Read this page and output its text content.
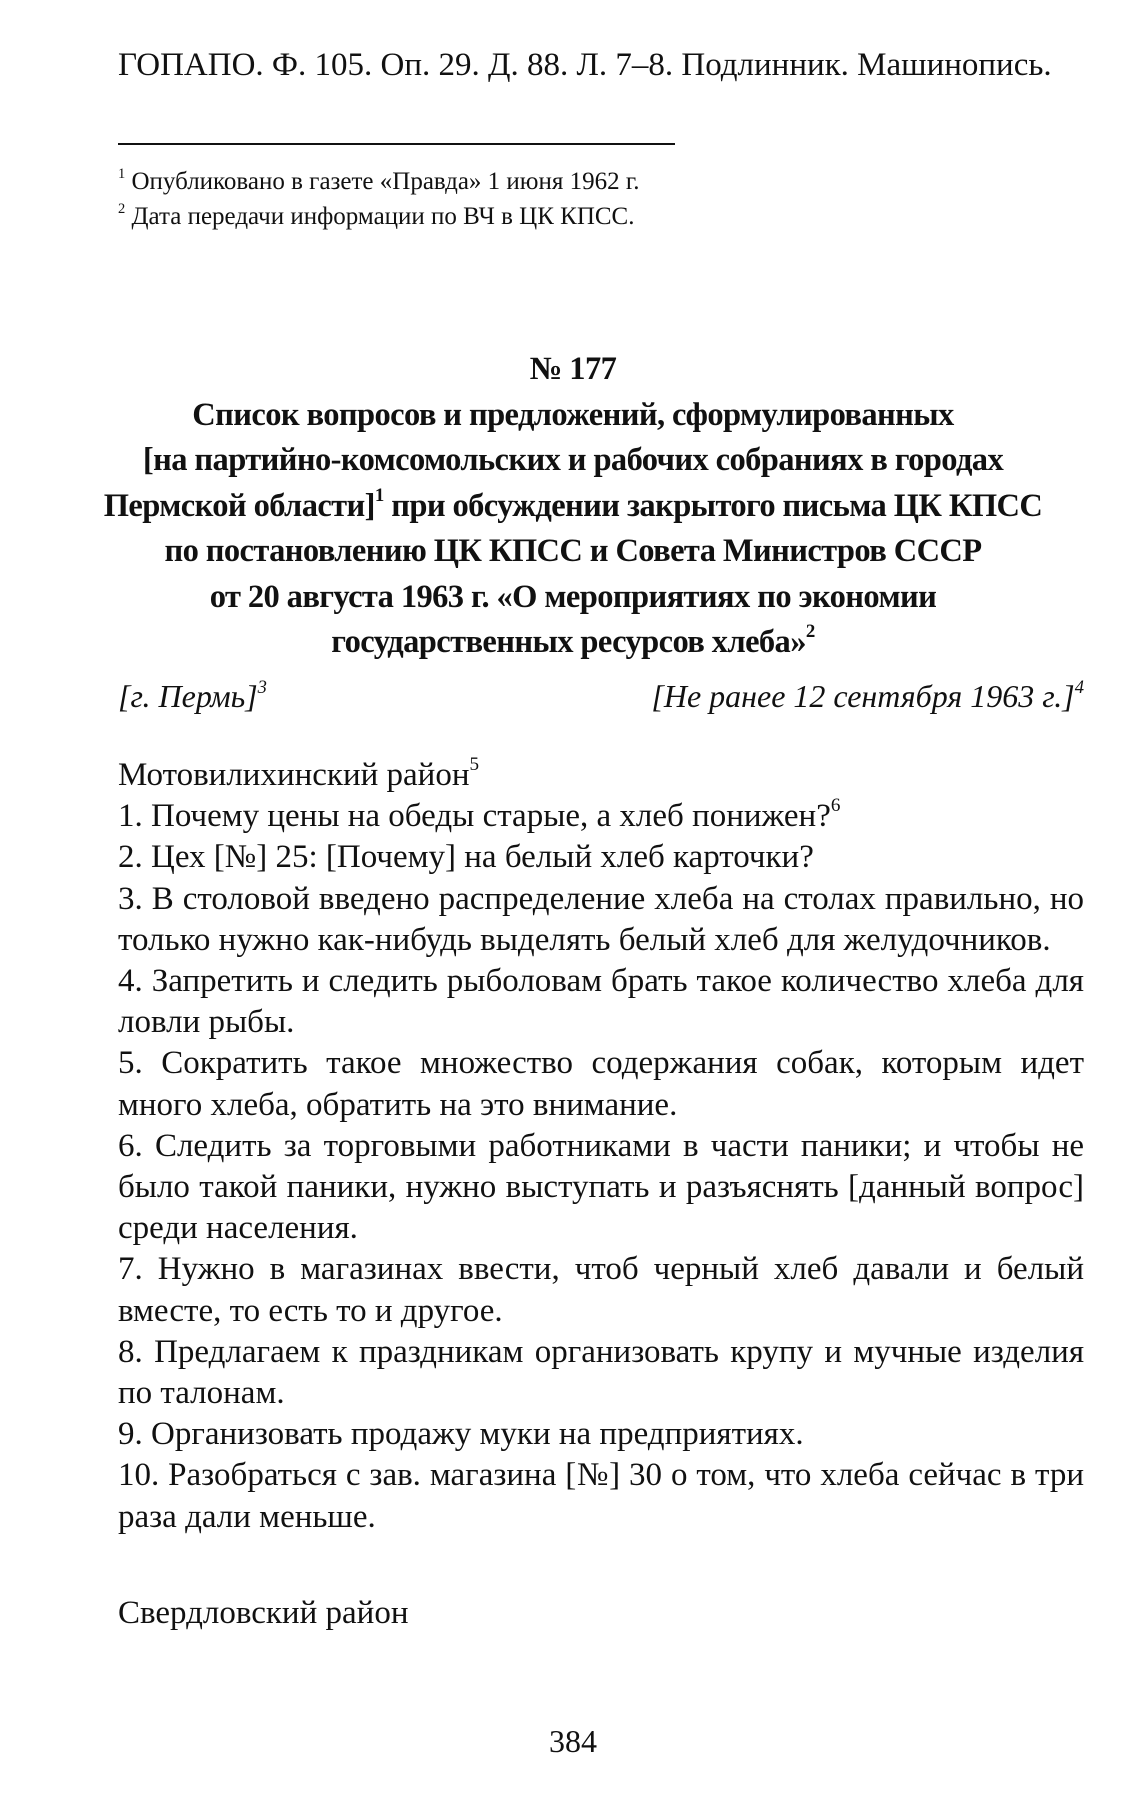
ГОПАПО. Ф. 105. Оп. 29. Д. 88. Л. 7–8. Подлинник. Машинопись.
$^1$ Опубликовано в газете «Правда» 1 июня 1962 г.
$^2$ Дата передачи информации по ВЧ в ЦК КПСС.
№ 177
Список вопросов и предложений, сформулированных
[на партийно-комсомольских и рабочих собраниях в городах
Пермской области]$^1$ при обсуждении закрытого письма ЦК КПСС
по постановлению ЦК КПСС и Совета Министров СССР
от 20 августа 1963 г. «О мероприятиях по экономии
государственных ресурсов хлеба»$^2$
[г. Пермь]$^3$	[Не ранее 12 сентября 1963 г.]$^4$
Мотовилихинский район$^5$

1. Почему цены на обеды старые, а хлеб понижен?$^6$

2. Цех [№] 25: [Почему] на белый хлеб карточки?

3. В столовой введено распределение хлеба на столах правильно, но только нужно как-нибудь выделять белый хлеб для желудочников.

4. Запретить и следить рыболовам брать такое количество хлеба для ловли рыбы.

5. Сократить такое множество содержания собак, которым идет много хлеба, обратить на это внимание.

6. Следить за торговыми работниками в части паники; и чтобы не было такой паники, нужно выступать и разъяснять [данный вопрос] среди населения.

7. Нужно в магазинах ввести, чтоб черный хлеб давали и белый вместе, то есть то и другое.

8. Предлагаем к праздникам организовать крупу и мучные изделия по талонам.

9. Организовать продажу муки на предприятиях.

10. Разобраться с зав. магазина [№] 30 о том, что хлеба сейчас в три раза дали меньше.

Свердловский район
384
